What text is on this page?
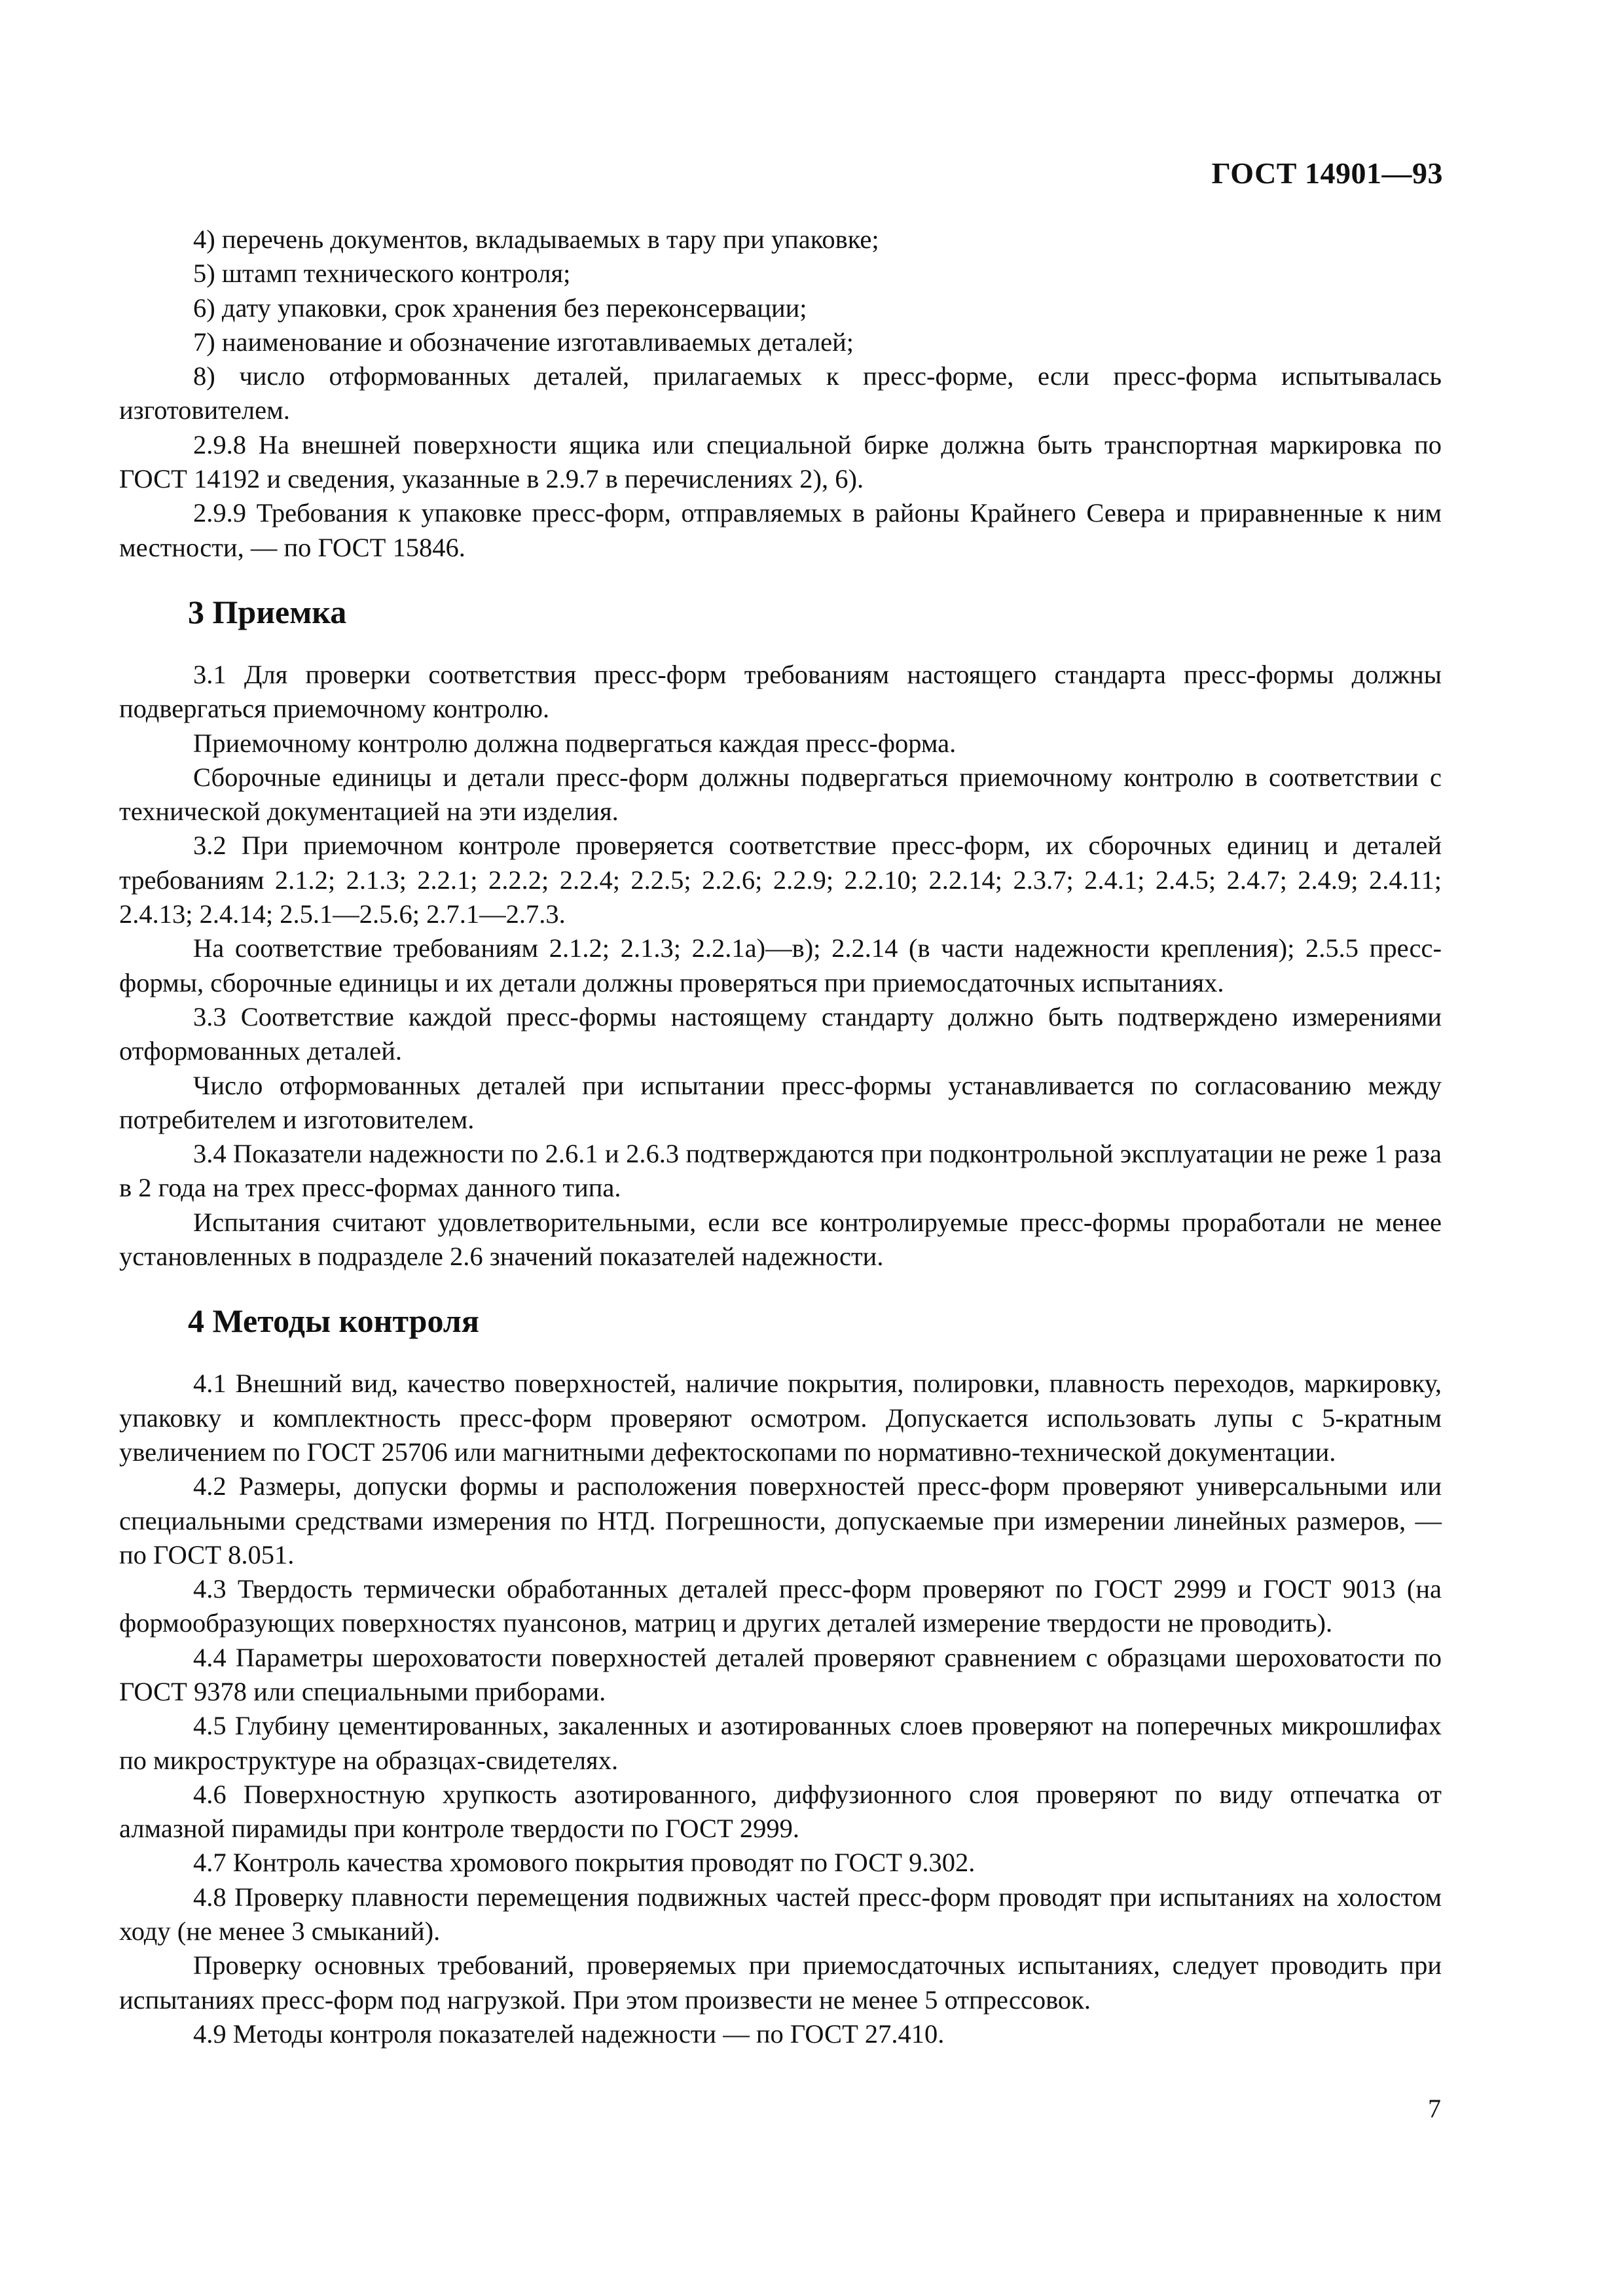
ГОСТ 14901—93

4) перечень документов, вкладываемых в тару при упаковке;

5) штамп технического контроля;

6) дату упаковки, срок хранения без переконсервации;

7) наименование и обозначение изготавливаемых деталей;

8) число отформованных деталей, прилагаемых к пресс-форме, если пресс-форма испытывалась изготовителем.

2.9.8 На внешней поверхности ящика или специальной бирке должна быть транспортная маркировка по ГОСТ 14192 и сведения, указанные в 2.9.7 в перечислениях 2), 6).

2.9.9 Требования к упаковке пресс-форм, отправляемых в районы Крайнего Севера и приравненные к ним местности, — по ГОСТ 15846.

3 Приемка

3.1 Для проверки соответствия пресс-форм требованиям настоящего стандарта пресс-формы должны подвергаться приемочному контролю.

Приемочному контролю должна подвергаться каждая пресс-форма.

Сборочные единицы и детали пресс-форм должны подвергаться приемочному контролю в соответствии с технической документацией на эти изделия.

3.2 При приемочном контроле проверяется соответствие пресс-форм, их сборочных единиц и деталей требованиям 2.1.2; 2.1.3; 2.2.1; 2.2.2; 2.2.4; 2.2.5; 2.2.6; 2.2.9; 2.2.10; 2.2.14; 2.3.7; 2.4.1; 2.4.5; 2.4.7; 2.4.9; 2.4.11; 2.4.13; 2.4.14; 2.5.1—2.5.6; 2.7.1—2.7.3.

На соответствие требованиям 2.1.2; 2.1.3; 2.2.1а)—в); 2.2.14 (в части надежности крепления); 2.5.5 пресс-формы, сборочные единицы и их детали должны проверяться при приемосдаточных испытаниях.

3.3 Соответствие каждой пресс-формы настоящему стандарту должно быть подтверждено измерениями отформованных деталей.

Число отформованных деталей при испытании пресс-формы устанавливается по согласованию между потребителем и изготовителем.

3.4 Показатели надежности по 2.6.1 и 2.6.3 подтверждаются при подконтрольной эксплуатации не реже 1 раза в 2 года на трех пресс-формах данного типа.

Испытания считают удовлетворительными, если все контролируемые пресс-формы проработали не менее установленных в подразделе 2.6 значений показателей надежности.

4 Методы контроля

4.1 Внешний вид, качество поверхностей, наличие покрытия, полировки, плавность переходов, маркировку, упаковку и комплектность пресс-форм проверяют осмотром. Допускается использовать лупы с 5-кратным увеличением по ГОСТ 25706 или магнитными дефектоскопами по нормативно-технической документации.

4.2 Размеры, допуски формы и расположения поверхностей пресс-форм проверяют универсальными или специальными средствами измерения по НТД. Погрешности, допускаемые при измерении линейных размеров, — по ГОСТ 8.051.

4.3 Твердость термически обработанных деталей пресс-форм проверяют по ГОСТ 2999 и ГОСТ 9013 (на формообразующих поверхностях пуансонов, матриц и других деталей измерение твердости не проводить).

4.4 Параметры шероховатости поверхностей деталей проверяют сравнением с образцами шероховатости по ГОСТ 9378 или специальными приборами.

4.5 Глубину цементированных, закаленных и азотированных слоев проверяют на поперечных микрошлифах по микроструктуре на образцах-свидетелях.

4.6 Поверхностную хрупкость азотированного, диффузионного слоя проверяют по виду отпечатка от алмазной пирамиды при контроле твердости по ГОСТ 2999.

4.7 Контроль качества хромового покрытия проводят по ГОСТ 9.302.

4.8 Проверку плавности перемещения подвижных частей пресс-форм проводят при испытаниях на холостом ходу (не менее 3 смыканий).

Проверку основных требований, проверяемых при приемосдаточных испытаниях, следует проводить при испытаниях пресс-форм под нагрузкой. При этом произвести не менее 5 отпрессовок.

4.9 Методы контроля показателей надежности — по ГОСТ 27.410.

7
